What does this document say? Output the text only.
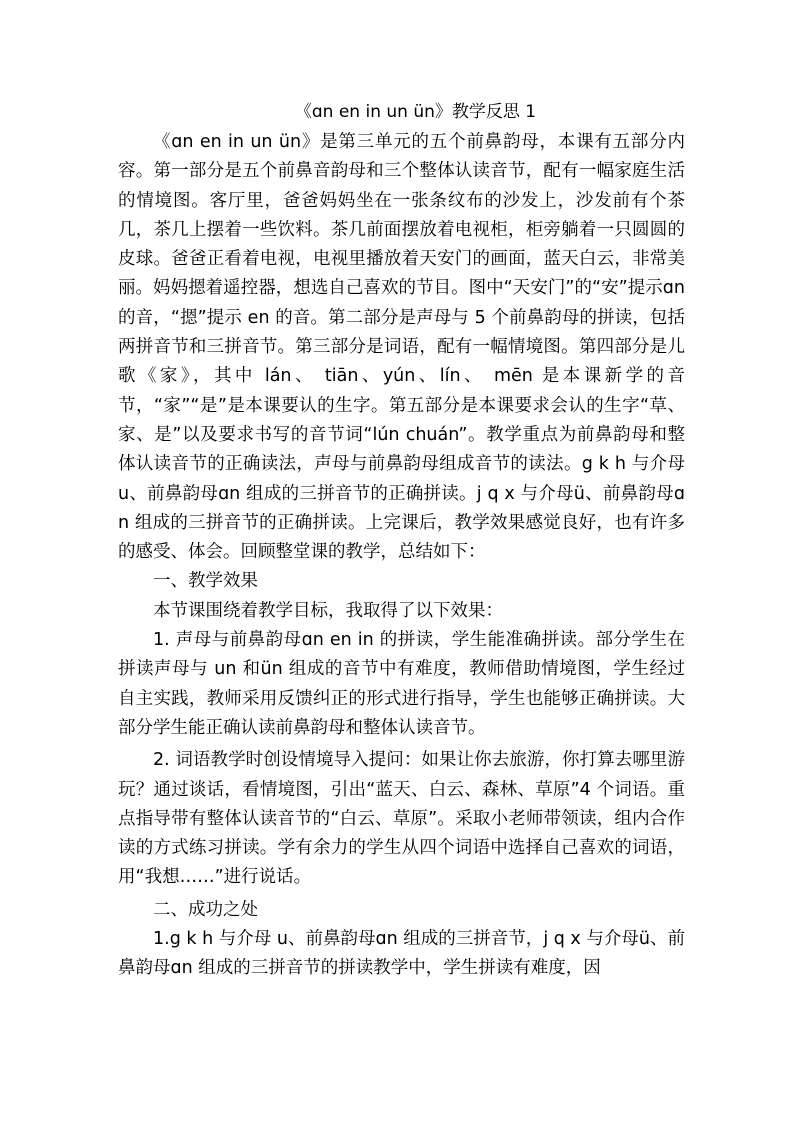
《ɑn en in un ün》教学反思 1

《ɑn en in un ün》是第三单元的五个前鼻韵母，本课有五部分内容。第一部分是五个前鼻音韵母和三个整体认读音节，配有一幅家庭生活的情境图。客厅里，爸爸妈妈坐在一张条纹布的沙发上，沙发前有个茶几，茶几上摆着一些饮料。茶几前面摆放着电视柜，柜旁躺着一只圆圆的皮球。爸爸正看着电视，电视里播放着天安门的画面，蓝天白云，非常美丽。妈妈摁着遥控器，想选自己喜欢的节目。图中“天安门”的“安”提示ɑn 的音，“摁”提示 en 的音。第二部分是声母与 5 个前鼻韵母的拼读，包括两拼音节和三拼音节。第三部分是词语，配有一幅情境图。第四部分是儿歌《家》，其中 lán、 tiān、yún、lín、 mēn 是本课新学的音节，“家”“是”是本课要认的生字。第五部分是本课要求会认的生字“草、家、是”以及要求书写的音节词“lún chuán”。教学重点为前鼻韵母和整体认读音节的正确读法，声母与前鼻韵母组成音节的读法。g k h 与介母 u、前鼻韵母ɑn 组成的三拼音节的正确拼读。j q x 与介母ü、前鼻韵母ɑn 组成的三拼音节的正确拼读。上完课后，教学效果感觉良好，也有许多的感受、体会。回顾整堂课的教学，总结如下：

一、教学效果

本节课围绕着教学目标，我取得了以下效果：

1. 声母与前鼻韵母ɑn en in 的拼读，学生能准确拼读。部分学生在拼读声母与 un 和ün 组成的音节中有难度，教师借助情境图，学生经过自主实践，教师采用反馈纠正的形式进行指导，学生也能够正确拼读。大部分学生能正确认读前鼻韵母和整体认读音节。

2. 词语教学时创设情境导入提问：如果让你去旅游，你打算去哪里游玩？通过谈话，看情境图，引出“蓝天、白云、森林、草原”4 个词语。重点指导带有整体认读音节的“白云、草原”。采取小老师带领读，组内合作读的方式练习拼读。学有余力的学生从四个词语中选择自己喜欢的词语，用“我想……”进行说话。

二、成功之处

1.g k h 与介母 u、前鼻韵母ɑn 组成的三拼音节，j q x 与介母ü、前鼻韵母ɑn 组成的三拼音节的拼读教学中，学生拼读有难度，因
